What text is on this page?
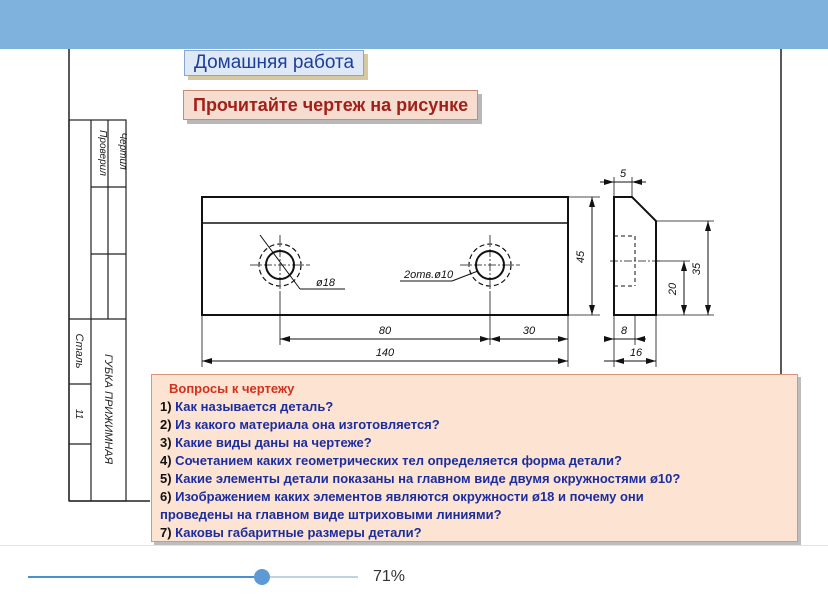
Чертил
Проверил
Сталь
11 ГУБКА ПРИЖИМНАЯ
ø18
2отв.ø10
80	30
140
45
5
35
20
8
16
Домашняя работа
Прочитайте чертеж на рисунке
Вопросы к чертежу
1) Как называется деталь?
2) Из какого материала она изготовляется?
3) Какие виды даны на чертеже?
4) Сочетанием каких геометрических тел определяется форма детали?
5) Какие элементы детали показаны на главном виде двумя окружностями ø10?
6) Изображением каких элементов являются окружности ø18 и почему они
проведены на главном виде штриховыми линиями?
7) Каковы габаритные размеры детали?
71%
